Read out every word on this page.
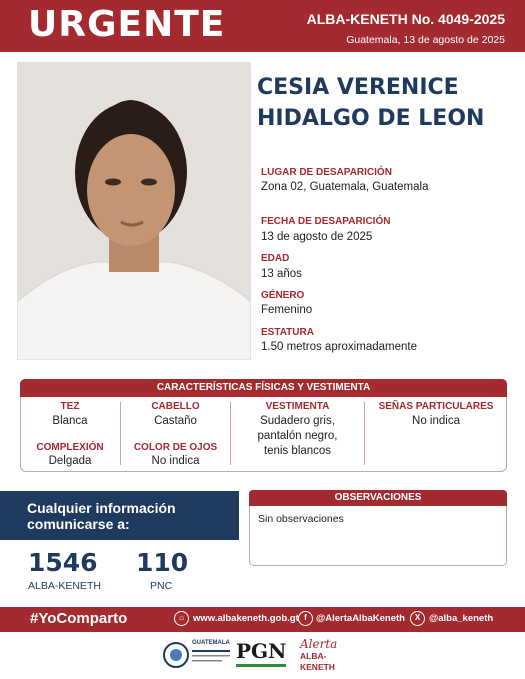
URGENTE	ALBA-KENETH No. 4049-2025
Guatemala, 13 de agosto de 2025
CESIA VERENICE
HIDALGO DE LEON
LUGAR DE DESAPARICIÓN
Zona 02, Guatemala, Guatemala
FECHA DE DESAPARICIÓN
13 de agosto de 2025
EDAD
13 años
GÉNERO
Femenino
ESTATURA
1.50 metros aproximadamente
CARACTERÍSTICAS FÍSICAS Y VESTIMENTA
TEZ
Blanca
CABELLO
Castaño
VESTIMENTA
Sudadero gris,
pantalón negro,
tenis blancos
SEÑAS PARTICULARES
No indica
COMPLEXIÓN
Delgada
COLOR DE OJOS
No indica
Cualquier información
comunicarse a:
1546
ALBA-KENETH
110
PNC
OBSERVACIONES
Sin observaciones
#YoComparto	⌂ www.albakeneth.gob.gt f @AlertaAlbaKeneth	X @alba_keneth
GUATEMALA PGN	Alerta
ALBA-KENETH
